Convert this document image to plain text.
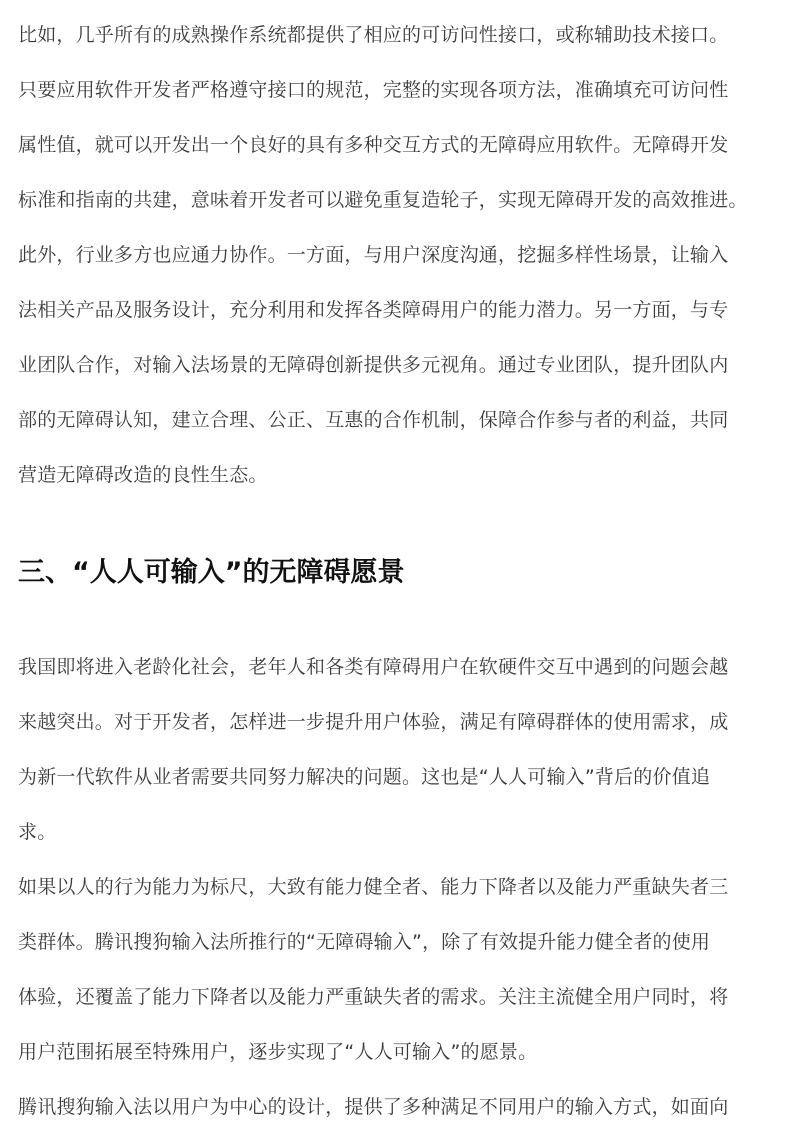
比如，几乎所有的成熟操作系统都提供了相应的可访问性接口，或称辅助技术接口。
只要应用软件开发者严格遵守接口的规范，完整的实现各项方法，准确填充可访问性
属性值，就可以开发出一个良好的具有多种交互方式的无障碍应用软件。无障碍开发
标准和指南的共建，意味着开发者可以避免重复造轮子，实现无障碍开发的高效推进。
此外，行业多方也应通力协作。一方面，与用户深度沟通，挖掘多样性场景，让输入
法相关产品及服务设计，充分利用和发挥各类障碍用户的能力潜力。另一方面，与专
业团队合作，对输入法场景的无障碍创新提供多元视角。通过专业团队，提升团队内
部的无障碍认知，建立合理、公正、互惠的合作机制，保障合作参与者的利益，共同
营造无障碍改造的良性生态。
三、“人人可输入”的无障碍愿景
我国即将进入老龄化社会，老年人和各类有障碍用户在软硬件交互中遇到的问题会越
来越突出。对于开发者，怎样进一步提升用户体验，满足有障碍群体的使用需求，成
为新一代软件从业者需要共同努力解决的问题。这也是“人人可输入”背后的价值追
求。
如果以人的行为能力为标尺，大致有能力健全者、能力下降者以及能力严重缺失者三
类群体。腾讯搜狗输入法所推行的“无障碍输入”，除了有效提升能力健全者的使用
体验，还覆盖了能力下降者以及能力严重缺失者的需求。关注主流健全用户同时，将
用户范围拓展至特殊用户，逐步实现了“人人可输入”的愿景。
腾讯搜狗输入法以用户为中心的设计，提供了多种满足不同用户的输入方式，如面向
